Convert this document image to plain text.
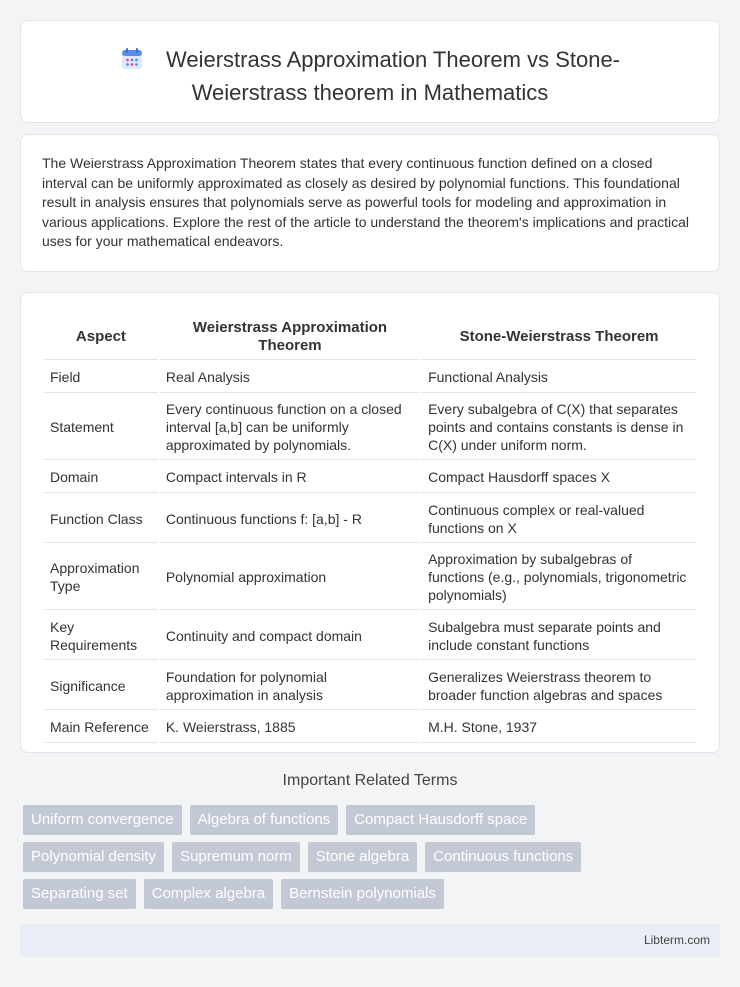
Weierstrass Approximation Theorem vs Stone-
Weierstrass theorem in Mathematics

The Weierstrass Approximation Theorem states that every continuous function defined on a closed interval can be uniformly approximated as closely as desired by polynomial functions. This foundational result in analysis ensures that polynomials serve as powerful tools for modeling and approximation in various applications. Explore the rest of the article to understand the theorem's implications and practical uses for your mathematical endeavors.

Aspect	Weierstrass Approximation Theorem	Stone-Weierstrass Theorem
Field	Real Analysis	Functional Analysis
Statement	Every continuous function on a closed interval [a,b] can be uniformly approximated by polynomials.	Every subalgebra of C(X) that separates points and contains constants is dense in C(X) under uniform norm.
Domain	Compact intervals in R	Compact Hausdorff spaces X
Function Class	Continuous functions f: [a,b] - R	Continuous complex or real-valued functions on X
Approximation Type	Polynomial approximation	Approximation by subalgebras of functions (e.g., polynomials, trigonometric polynomials)
Key Requirements	Continuity and compact domain	Subalgebra must separate points and include constant functions
Significance	Foundation for polynomial approximation in analysis	Generalizes Weierstrass theorem to broader function algebras and spaces
Main Reference	K. Weierstrass, 1885	M.H. Stone, 1937
Important Related Terms
Uniform convergence	Algebra of functions	Compact Hausdorff space
Polynomial density	Supremum norm	Stone algebra	Continuous functions
Separating set	Complex algebra	Bernstein polynomials
Libterm.com
